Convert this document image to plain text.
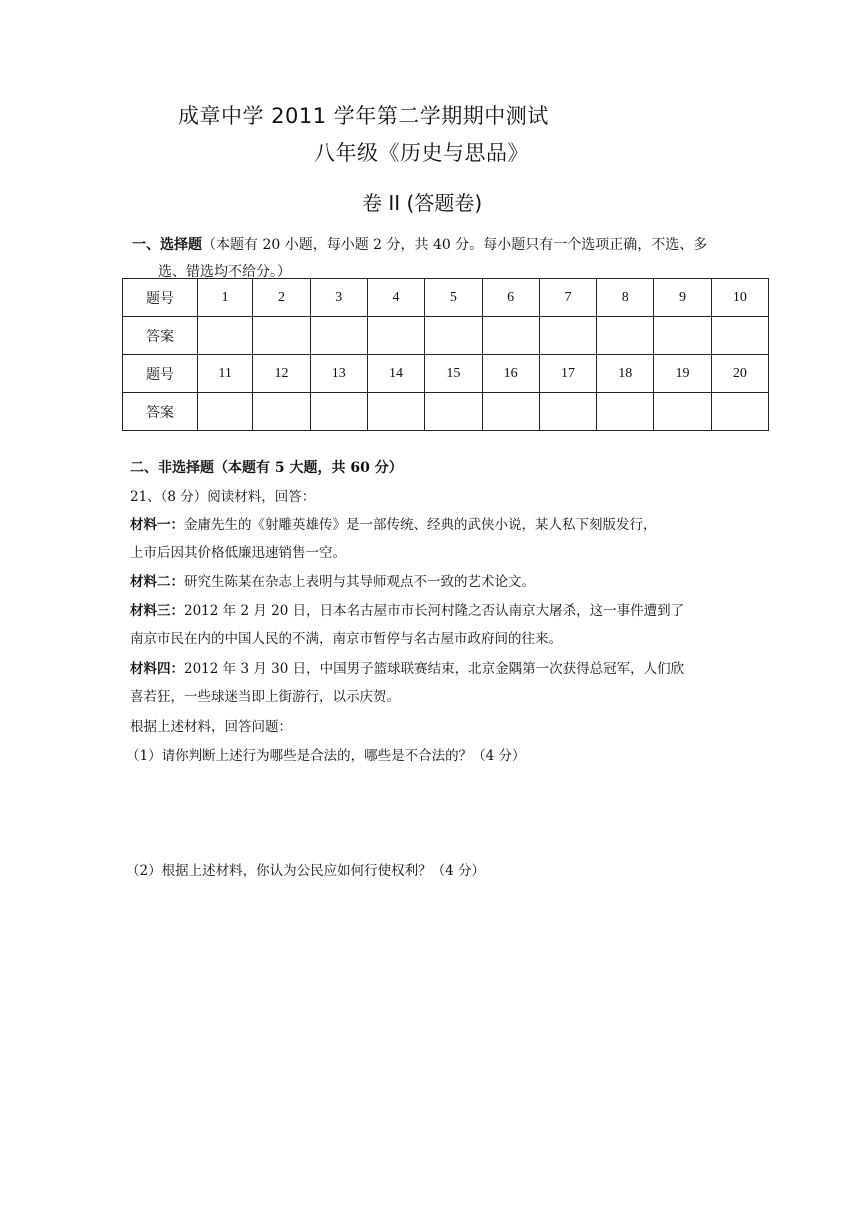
成章中学 2011 学年第二学期期中测试
八年级《历史与思品》
卷 II (答题卷)
一、选择题（本题有 20 小题，每小题 2 分，共 40 分。每小题只有一个选项正确，不选、多
选、错选均不给分。）
题号	1	2	3	4	5	6	7	8	9	10
答案										
题号	11	12	13	14	15	16	17	18	19	20
答案										
二、非选择题（本题有 5 大题，共 60 分）
21、（8 分）阅读材料，回答：
材料一：金庸先生的《射雕英雄传》是一部传统、经典的武侠小说，某人私下刻版发行，
上市后因其价格低廉迅速销售一空。
材料二：研究生陈某在杂志上表明与其导师观点不一致的艺术论文。
材料三：2012 年 2 月 20 日，日本名古屋市市长河村隆之否认南京大屠杀，这一事件遭到了
南京市民在内的中国人民的不满，南京市暂停与名古屋市政府间的往来。
材料四：2012 年 3 月 30 日，中国男子篮球联赛结束，北京金隅第一次获得总冠军，人们欣
喜若狂，一些球迷当即上街游行，以示庆贺。
根据上述材料，回答问题：
（1）请你判断上述行为哪些是合法的，哪些是不合法的？（4 分）
（2）根据上述材料，你认为公民应如何行使权利？（4 分）
